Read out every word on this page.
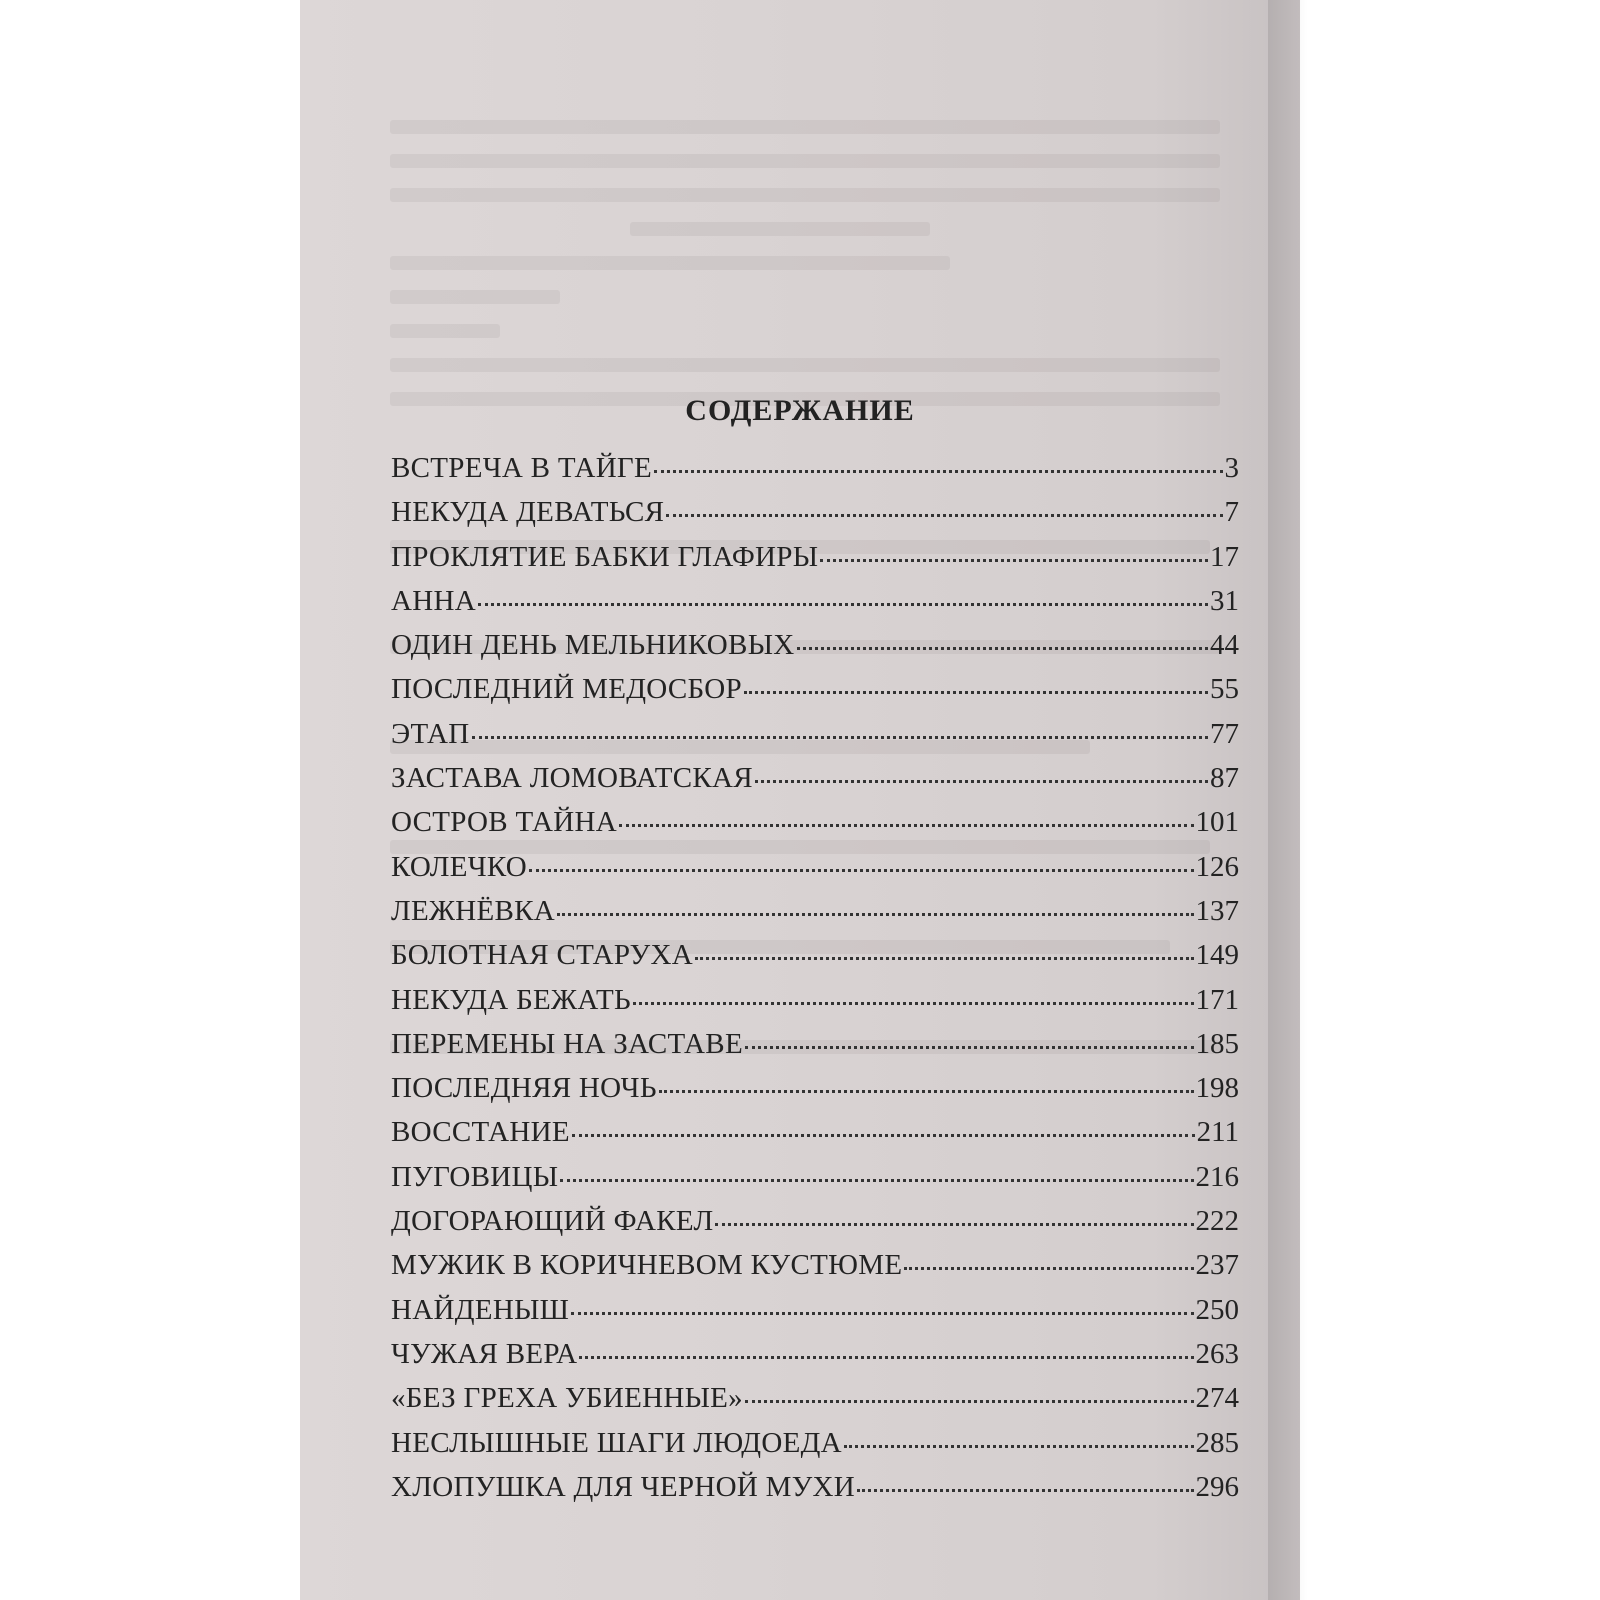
СОДЕРЖАНИЕ
ВСТРЕЧА В ТАЙГЕ	3
НЕКУДА ДЕВАТЬСЯ	7
ПРОКЛЯТИЕ БАБКИ ГЛАФИРЫ	17
АННА	31
ОДИН ДЕНЬ МЕЛЬНИКОВЫХ	44
ПОСЛЕДНИЙ МЕДОСБОР	55
ЭТАП	77
ЗАСТАВА ЛОМОВАТСКАЯ	87
ОСТРОВ ТАЙНА	101
КОЛЕЧКО	126
ЛЕЖНЁВКА	137
БОЛОТНАЯ СТАРУХА	149
НЕКУДА БЕЖАТЬ	171
ПЕРЕМЕНЫ НА ЗАСТАВЕ	185
ПОСЛЕДНЯЯ НОЧЬ	198
ВОССТАНИЕ	211
ПУГОВИЦЫ	216
ДОГОРАЮЩИЙ ФАКЕЛ	222
МУЖИК В КОРИЧНЕВОМ КУСТЮМЕ	237
НАЙДЕНЫШ	250
ЧУЖАЯ ВЕРА	263
«БЕЗ ГРЕХА УБИЕННЫЕ»	274
НЕСЛЫШНЫЕ ШАГИ ЛЮДОЕДА	285
ХЛОПУШКА ДЛЯ ЧЕРНОЙ МУХИ	296
